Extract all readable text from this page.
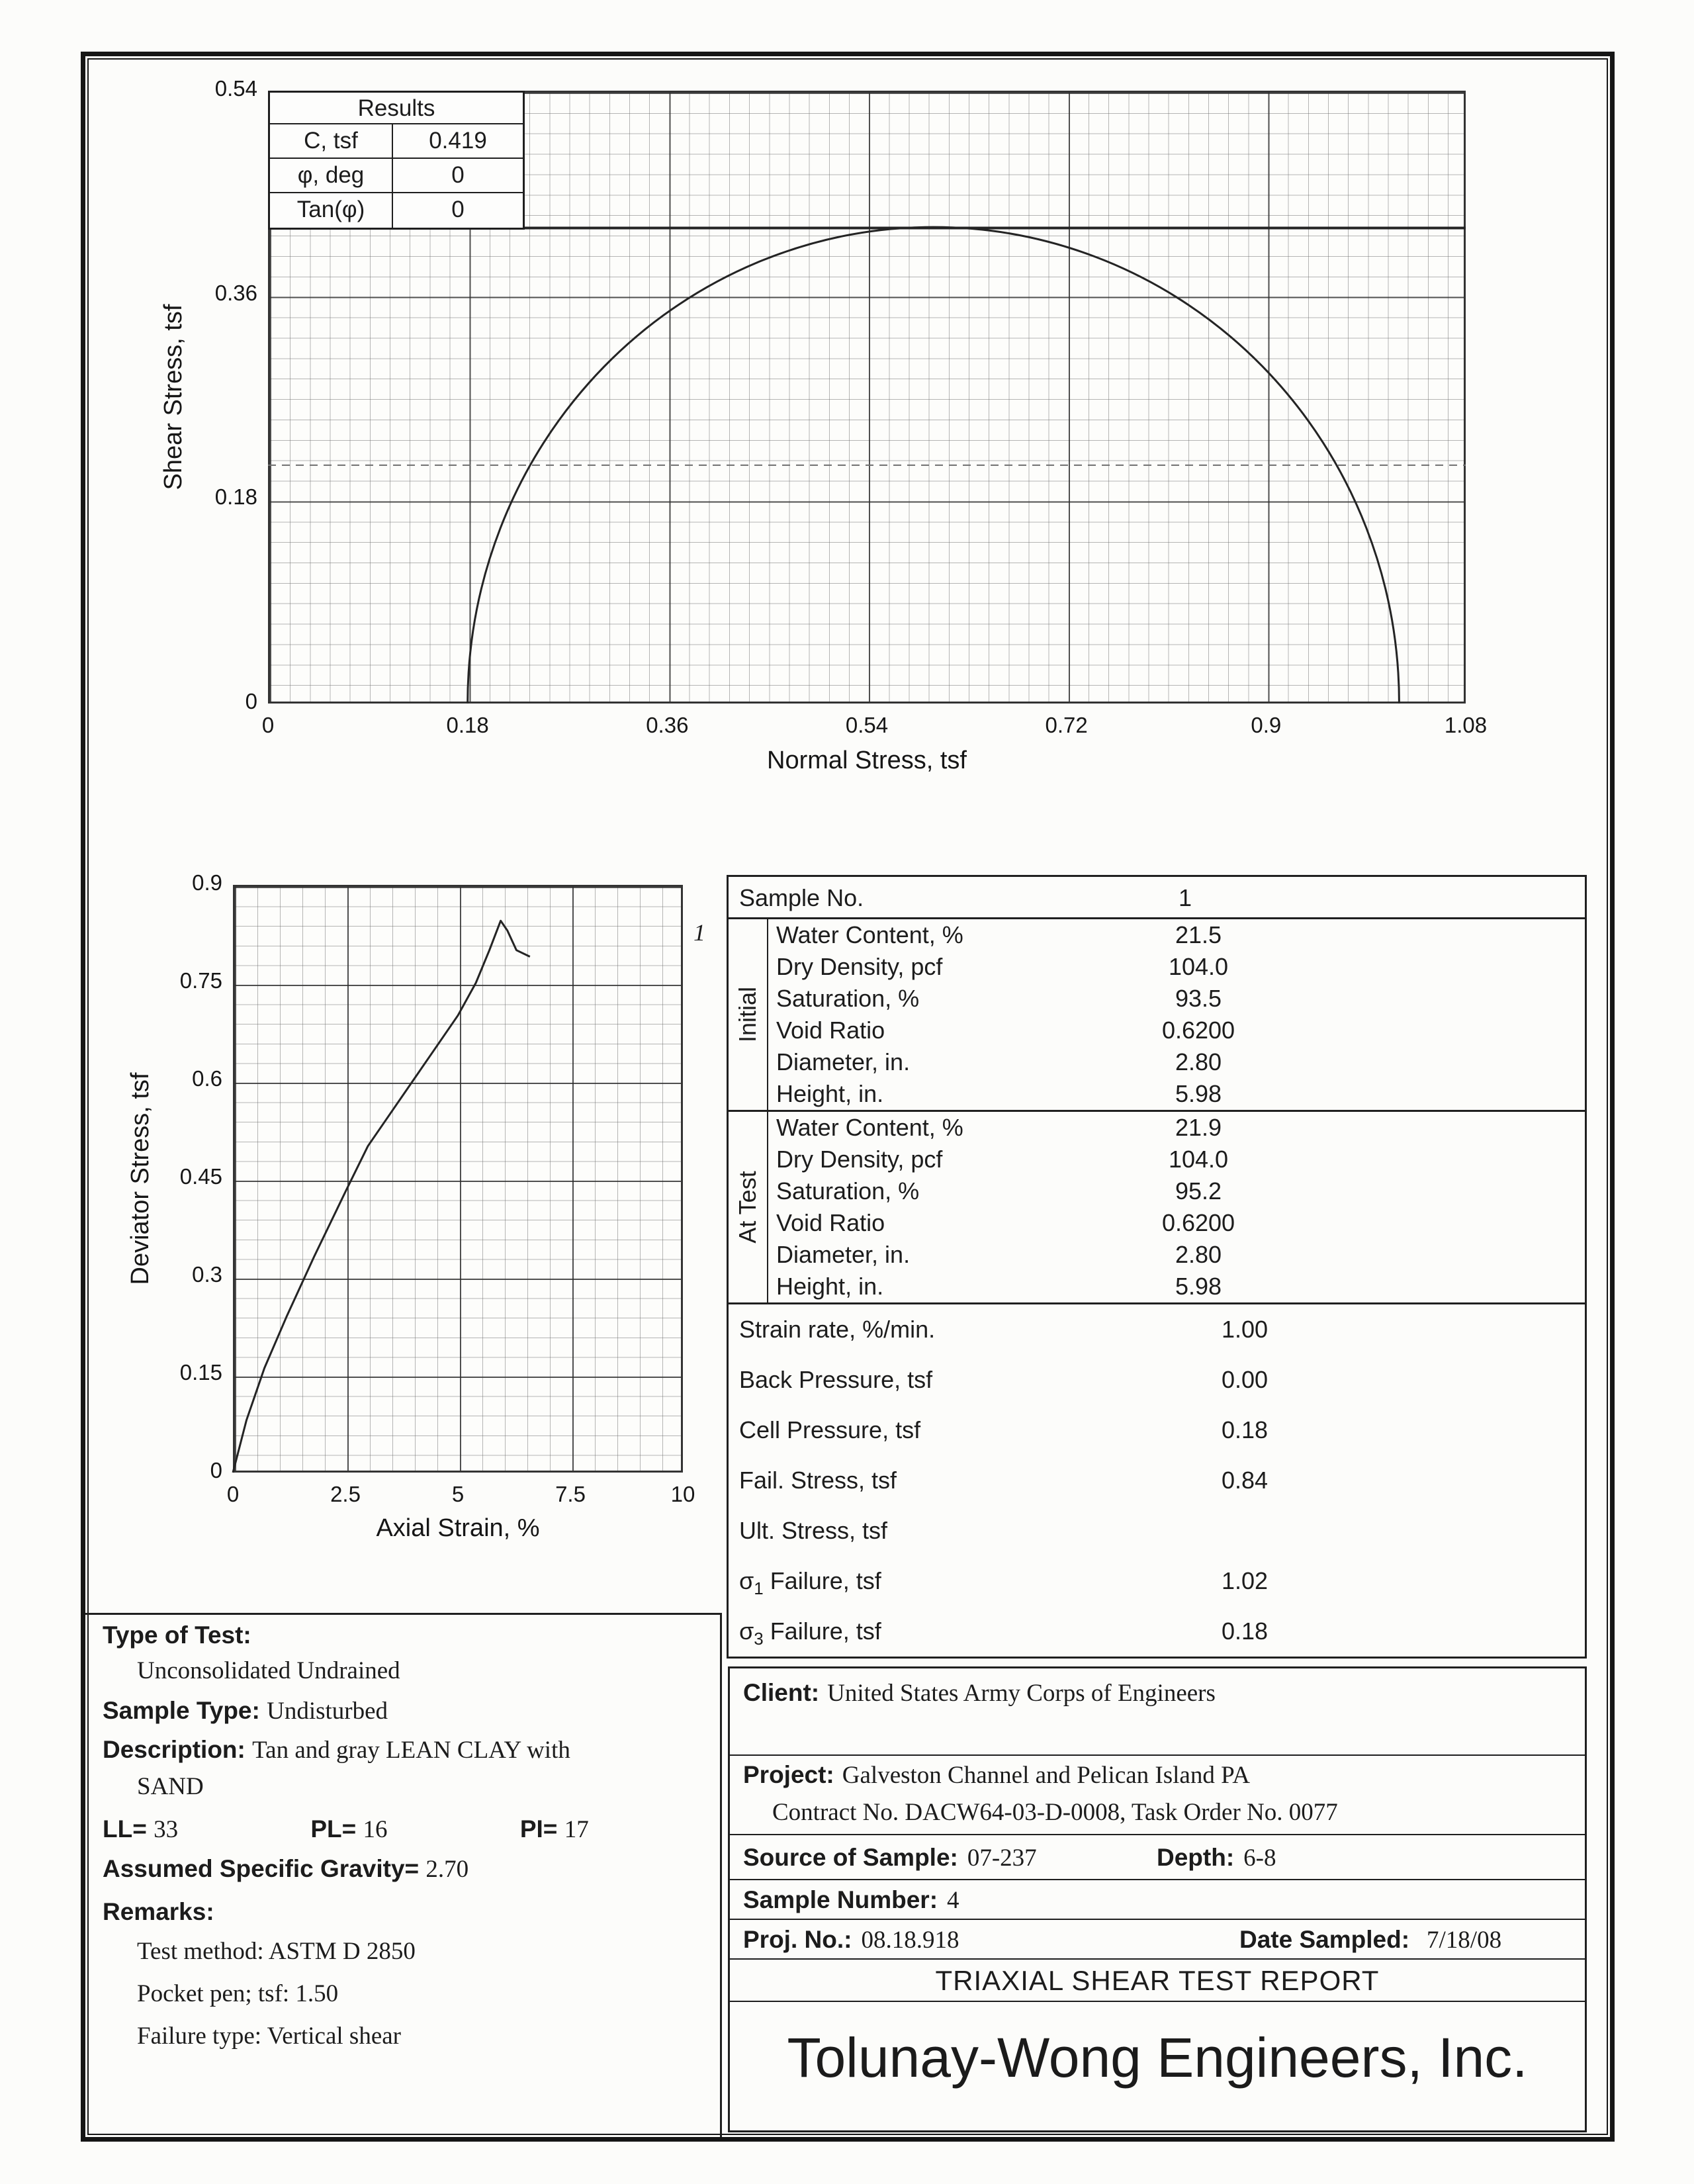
Shear Stress, tsf
Normal Stress, tsf
Results
C, tsf	0.419
φ, deg	0
Tan(φ)	0
Deviator Stress, tsf
Axial Strain, %
1
Sample No.	1
Initial
Water Content, %	21.5
Dry Density, pcf	104.0
Saturation, %	93.5
Void Ratio	0.6200
Diameter, in.	2.80
Height, in.	5.98
At Test
Water Content, %	21.9
Dry Density, pcf	104.0
Saturation, %	95.2
Void Ratio	0.6200
Diameter, in.	2.80
Height, in.	5.98
Strain rate, %/min.	1.00
Back Pressure, tsf	0.00
Cell Pressure, tsf	0.18
Fail. Stress, tsf	0.84
Ult. Stress, tsf
$\sigma_1$ Failure, tsf	1.02
$\sigma_3$ Failure, tsf	0.18
Type of Test:
Unconsolidated Undrained
Sample Type: Undisturbed
Description: Tan and gray LEAN CLAY with
SAND
LL= 33	PL= 16	PI= 17
Assumed Specific Gravity= 2.70
Remarks:
Test method: ASTM D 2850
Pocket pen; tsf: 1.50
Failure type: Vertical shear
Client: United States Army Corps of Engineers
Project: Galveston Channel and Pelican Island PA
Contract No. DACW64-03-D-0008, Task Order No. 0077
Source of Sample: 07-237	Depth: 6-8
Sample Number: 4
Proj. No.: 08.18.918	Date Sampled: 7/18/08
TRIAXIAL SHEAR TEST REPORT
Tolunay-Wong Engineers, Inc.
0
0.18
0.36
0.54
0	0.18	0.36	0.54	0.72	0.9	1.08
0
0.15
0.3
0.45
0.6
0.75
0.9
0	2.5	5	7.5	10
